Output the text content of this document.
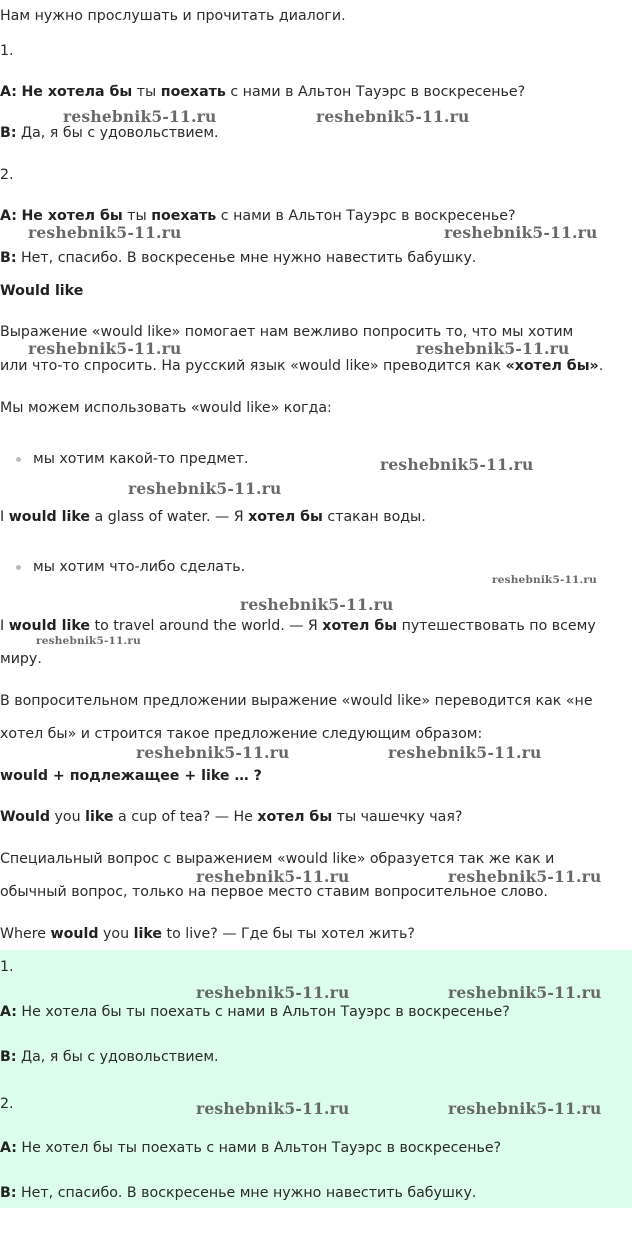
Нам нужно прослушать и прочитать диалоги.

1.

A: Не хотела бы ты поехать с нами в Альтон Тауэрс в воскресенье?

B: Да, я бы с удовольствием.

2.

A: Не хотел бы ты поехать с нами в Альтон Тауэрс в воскресенье?

B: Нет, спасибо. В воскресенье мне нужно навестить бабушку.

Would like

Выражение «would like» помогает нам вежливо попросить то, что мы хотим

или что-то спросить. На русский язык «would like» преводится как «хотел бы».

Мы можем использовать «would like» когда:

мы хотим какой-то предмет.

I would like a glass of water. — Я хотел бы стакан воды.

мы хотим что-либо сделать.

I would like to travel around the world. — Я хотел бы путешествовать по всему

миру.

В вопросительном предложении выражение «would like» переводится как «не

хотел бы» и строится такое предложение следующим образом:

would + подлежащее + like … ?

Would you like a cup of tea? — Не хотел бы ты чашечку чая?

Специальный вопрос с выражением «would like» образуется так же как и

обычный вопрос, только на первое место ставим вопросительное слово.

Where would you like to live? — Где бы ты хотел жить?

1.

A: Не хотела бы ты поехать с нами в Альтон Тауэрс в воскресенье?

B: Да, я бы с удовольствием.

2.

A: Не хотел бы ты поехать с нами в Альтон Тауэрс в воскресенье?

B: Нет, спасибо. В воскресенье мне нужно навестить бабушку.

reshebnik5-11.ru	reshebnik5-11.ru
reshebnik5-11.ru	reshebnik5-11.ru
reshebnik5-11.ru	reshebnik5-11.ru
reshebnik5-11.ru
reshebnik5-11.ru
reshebnik5-11.ru
reshebnik5-11.ru
reshebnik5-11.ru
reshebnik5-11.ru	reshebnik5-11.ru
reshebnik5-11.ru	reshebnik5-11.ru
reshebnik5-11.ru	reshebnik5-11.ru
reshebnik5-11.ru	reshebnik5-11.ru
